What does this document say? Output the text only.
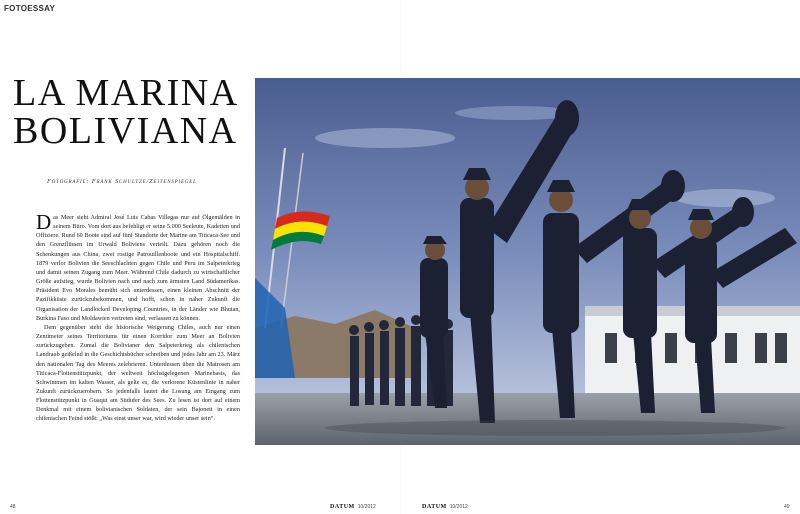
FOTOESSAY
LA MARINA
BOLIVIANA
Fotografie: Frank Schultze/Zeitenspiegel

Das Meer sieht Admiral José Luis Cabas Villegas nur auf Ölgemälden in seinem Büro. Vom dort aus befehligt er seine 5.000 Seeleute, Kadetten und Offiziere. Rund 60 Boote sind auf fünf Standorte der Marine am Titicaca-See und den Grenzflüssen im Urwald Boliviens verteilt. Dazu gehören noch die Schenkungen aus China, zwei rostige Patrouillenboote und ein Hospitalschiff. 1879 verlor Bolivien die Seeschlachten gegen Chile und Peru im Salpeterkrieg und damit seinen Zugang zum Meer. Während Chile dadurch zu wirtschaftlicher Größe aufstieg, wurde Bolivien nach und nach zum ärmsten Land Südamerikas. Präsident Evo Morales bemüht sich unterdessen, einen kleinen Abschnitt der Pazifikküste zurückzubekommen, und hofft, schon in naher Zukunft die Organisation der Landlocked Developing Countries, in der Länder wie Bhutan, Burkina Faso und Moldawien vertreten sind, verlassen zu können.

Dem gegenüber steht die historische Weigerung Chiles, auch nur einen Zentimeter seines Territoriums für einen Korridor zum Meer an Bolivien zurückzugeben. Zumal die Bolivianer den Salpeterkrieg als chilenischen Landraub geißelnd in die Geschichtsbücher schreiben und jedes Jahr am 23. März den nationalen Tag des Meeres zelebrieren. Unterdessen üben die Matrosen am Titicaca-Flottenstützpunkt, der weltweit höchstgelegenen Marinebasis, das Schwimmen im kalten Wasser, als gelte es, die verlorene Küstenlinie in naher Zukunft zurückzuerobern. So jedenfalls lautet die Losung am Eingang zum Flottenstützpunkt in Guaqui am Südufer des Sees. Zu lesen ist dort auf einem Denkmal mit einem bolivianischen Soldaten, der sein Bajonett in einen chilenischen Feind stößt: „Was einst unser war, wird wieder unser sein“.

48	DATUM 10/2012	DATUM 10/2012	49
